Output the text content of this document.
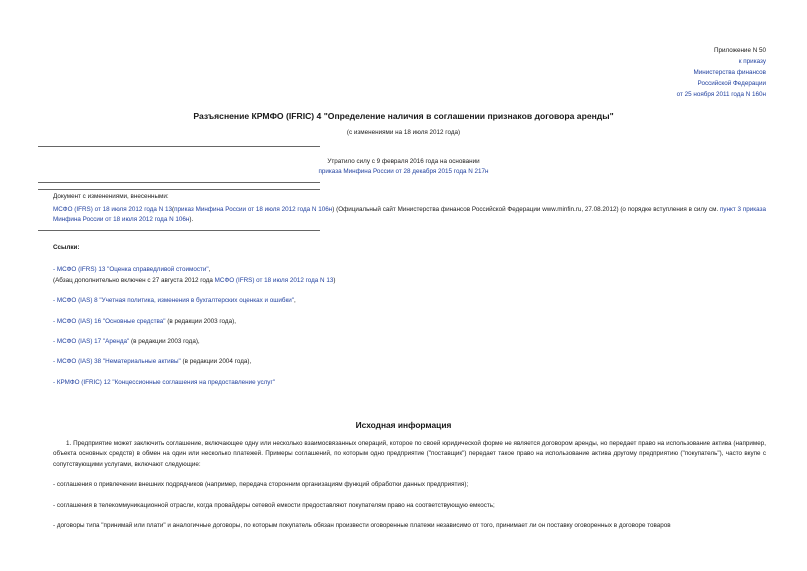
Приложение N 50
к приказу
Министерства финансов
Российской Федерации
от 25 ноября 2011 года N 160н
Разъяснение КРМФО (IFRIC) 4 "Определение наличия в соглашении признаков договора аренды"
(с изменениями на 18 июля 2012 года)
Утратило силу с 9 февраля 2016 года на основании
приказа Минфина России от 28 декабря 2015 года N 217н
Документ с изменениями, внесенными:
МСФО (IFRS) от 18 июля 2012 года N 13(приказ Минфина России от 18 июля 2012 года N 106н) (Официальный сайт Министерства финансов Российской Федерации www.minfin.ru, 27.08.2012) (о порядке вступления в силу см. пункт 3 приказа Минфина России от 18 июля 2012 года N 106н).
Ссылки:
- МСФО (IFRS) 13 "Оценка справедливой стоимости",
(Абзац дополнительно включен с 27 августа 2012 года МСФО (IFRS) от 18 июля 2012 года N 13)
- МСФО (IAS) 8 "Учетная политика, изменения в бухгалтерских оценках и ошибки",
- МСФО (IAS) 16 "Основные средства" (в редакции 2003 года),
- МСФО (IAS) 17 "Аренда" (в редакции 2003 года),
- МСФО (IAS) 38 "Нематериальные активы" (в редакции 2004 года),
- КРМФО (IFRIC) 12 "Концессионные соглашения на предоставление услуг"
Исходная информация
1. Предприятие может заключить соглашение, включающее одну или несколько взаимосвязанных операций, которое по своей юридической форме не является договором аренды, но передает право на использование актива (например, объекта основных средств) в обмен на один или несколько платежей. Примеры соглашений, по которым одно предприятие ("поставщик") передает такое право на использование актива другому предприятию ("покупатель"), часто вкупе с сопутствующими услугами, включают следующие:
- соглашения о привлечении внешних подрядчиков (например, передача сторонним организациям функций обработки данных предприятия);
- соглашения в телекоммуникационной отрасли, когда провайдеры сетевой емкости предоставляют покупателям право на соответствующую емкость;
- договоры типа "принимай или плати" и аналогичные договоры, по которым покупатель обязан произвести оговоренные платежи независимо от того, принимает ли он поставку оговоренных в договоре товаров
